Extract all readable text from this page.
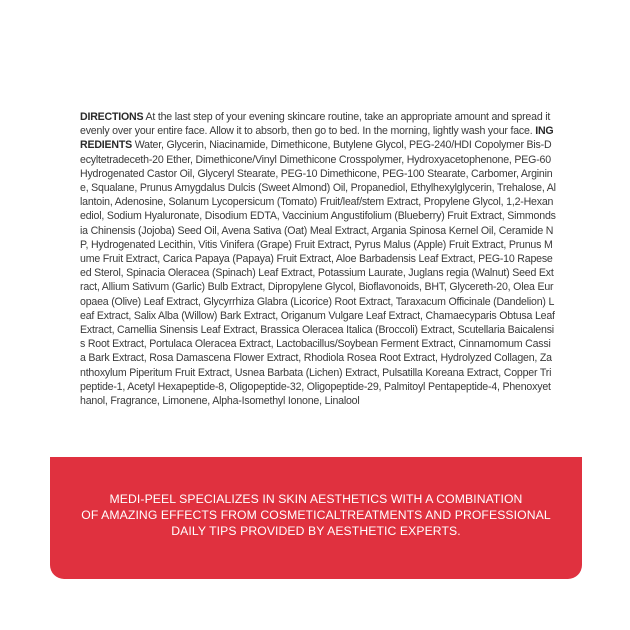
DIRECTIONS At the last step of your evening skincare routine, take an appropriate amount and spread it evenly over your entire face. Allow it to absorb, then go to bed. In the morning, lightly wash your face. INGREDIENTS Water, Glycerin, Niacinamide, Dimethicone, Butylene Glycol, PEG-240/HDI Copolymer Bis-Decyltetradeceth-20 Ether, Dimethicone/Vinyl Dimethicone Crosspolymer, Hydroxyacetophenone, PEG-60 Hydrogenated Castor Oil, Glyceryl Stearate, PEG-10 Dimethicone, PEG-100 Stearate, Carbomer, Arginine, Squalane, Prunus Amygdalus Dulcis (Sweet Almond) Oil, Propanediol, Ethylhexylglycerin, Trehalose, Allantoin, Adenosine, Solanum Lycopersicum (Tomato) Fruit/leaf/stem Extract, Propylene Glycol, 1,2-Hexanediol, Sodium Hyaluronate, Disodium EDTA, Vaccinium Angustifolium (Blueberry) Fruit Extract, Simmondsia Chinensis (Jojoba) Seed Oil, Avena Sativa (Oat) Meal Extract, Argania Spinosa Kernel Oil, Ceramide NP, Hydrogenated Lecithin, Vitis Vinifera (Grape) Fruit Extract, Pyrus Malus (Apple) Fruit Extract, Prunus Mume Fruit Extract, Carica Papaya (Papaya) Fruit Extract, Aloe Barbadensis Leaf Extract, PEG-10 Rapeseed Sterol, Spinacia Oleracea (Spinach) Leaf Extract, Potassium Laurate, Juglans regia (Walnut) Seed Extract, Allium Sativum (Garlic) Bulb Extract, Dipropylene Glycol, Bioflavonoids, BHT, Glycereth-20, Olea Europaea (Olive) Leaf Extract, Glycyrrhiza Glabra (Licorice) Root Extract, Taraxacum Officinale (Dandelion) Leaf Extract, Salix Alba (Willow) Bark Extract, Origanum Vulgare Leaf Extract, Chamaecyparis Obtusa Leaf Extract, Camellia Sinensis Leaf Extract, Brassica Oleracea Italica (Broccoli) Extract, Scutellaria Baicalensis Root Extract, Portulaca Oleracea Extract, Lactobacillus/Soybean Ferment Extract, Cinnamomum Cassia Bark Extract, Rosa Damascena Flower Extract, Rhodiola Rosea Root Extract, Hydrolyzed Collagen, Zanthoxylum Piperitum Fruit Extract, Usnea Barbata (Lichen) Extract, Pulsatilla Koreana Extract, Copper Tripeptide-1, Acetyl Hexapeptide-8, Oligopeptide-32, Oligopeptide-29, Palmitoyl Pentapeptide-4, Phenoxyethanol, Fragrance, Limonene, Alpha-Isomethyl Ionone, Linalool
MEDI-PEEL SPECIALIZES IN SKIN AESTHETICS WITH A COMBINATION
OF AMAZING EFFECTS FROM COSMETICALTREATMENTS AND PROFESSIONAL
DAILY TIPS PROVIDED BY AESTHETIC EXPERTS.
